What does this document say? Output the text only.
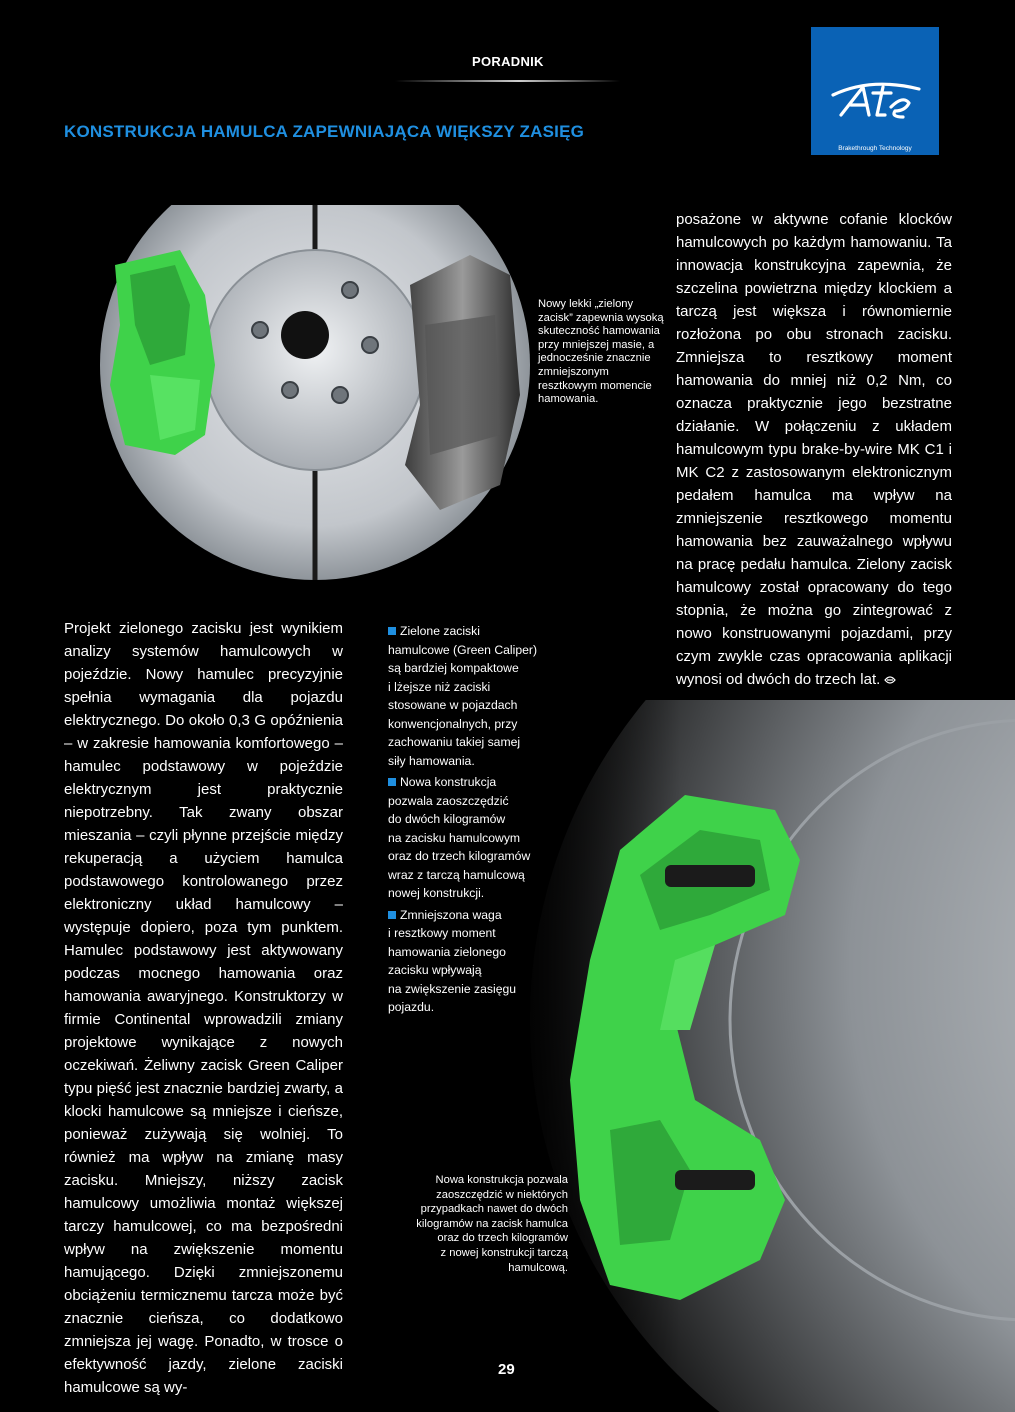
PORADNIK
KONSTRUKCJA HAMULCA ZAPEWNIAJĄCA WIĘKSZY ZASIĘG
Brakethrough Technology
Nowy lekki „zielony zacisk” zapewnia wysoką skuteczność hamowania przy mniejszej masie, a jednocześnie znacznie zmniejszonym resztkowym momencie hamowania.
posażone w aktywne cofanie klocków hamulcowych po każdym hamowaniu. Ta innowacja konstrukcyjna zapewnia, że szczelina powietrzna między klockiem a tarczą jest większa i równomiernie rozłożona po obu stronach zacisku. Zmniejsza to resztkowy moment hamowania do mniej niż 0,2 Nm, co oznacza praktycznie jego bezstratne działanie. W połączeniu z układem hamulcowym typu brake-by-wire MK C1 i MK C2 z zastosowanym elektronicznym pedałem hamulca ma wpływ na zmniejszenie resztkowego momentu hamowania bez zauważalnego wpływu na pracę pedału hamulca. Zielony zacisk hamulcowy został opracowany do tego stopnia, że można go zintegrować z nowo konstruowanymi pojazdami, przy czym zwykle czas opracowania aplikacji wynosi od dwóch do trzech lat.
Projekt zielonego zacisku jest wynikiem analizy systemów hamulcowych w pojeździe. Nowy hamulec precyzyjnie spełnia wymagania dla pojazdu elektrycznego. Do około 0,3 G opóźnienia – w zakresie hamowania komfortowego – hamulec podstawowy w pojeździe elektrycznym jest praktycznie niepotrzebny. Tak zwany obszar mieszania – czyli płynne przejście między rekuperacją a użyciem hamulca podstawowego kontrolowanego przez elektroniczny układ hamulcowy – występuje dopiero, poza tym punktem. Hamulec podstawowy jest aktywowany podczas mocnego hamowania oraz hamowania awaryjnego. Konstruktorzy w firmie Continental wprowadzili zmiany projektowe wynikające z nowych oczekiwań. Żeliwny zacisk Green Caliper typu pięść jest znacznie bardziej zwarty, a klocki hamulcowe są mniejsze i cieńsze, ponieważ zużywają się wolniej. To również ma wpływ na zmianę masy zacisku. Mniejszy, niższy zacisk hamulcowy umożliwia montaż większej tarczy hamulcowej, co ma bezpośredni wpływ na zwiększenie momentu hamującego. Dzięki zmniejszonemu obciążeniu termicznemu tarcza może być znacznie cieńsza, co dodatkowo zmniejsza jej wagę. Ponadto, w trosce o efektywność jazdy, zielone zaciski hamulcowe są wy-
Zielone zaciski
hamulcowe (Green Caliper)
są bardziej kompaktowe
i lżejsze niż zaciski
stosowane w pojazdach
konwencjonalnych, przy
zachowaniu takiej samej
siły hamowania.
Nowa konstrukcja
pozwala zaoszczędzić
do dwóch kilogramów
na zacisku hamulcowym
oraz do trzech kilogramów
wraz z tarczą hamulcową
nowej konstrukcji.
Zmniejszona waga
i resztkowy moment
hamowania zielonego
zacisku wpływają
na zwiększenie zasięgu
pojazdu.
Nowa konstrukcja pozwala
zaoszczędzić w niektórych
przypadkach nawet do dwóch
kilogramów na zacisk hamulca
oraz do trzech kilogramów
z nowej konstrukcji tarczą
hamulcową.
29
